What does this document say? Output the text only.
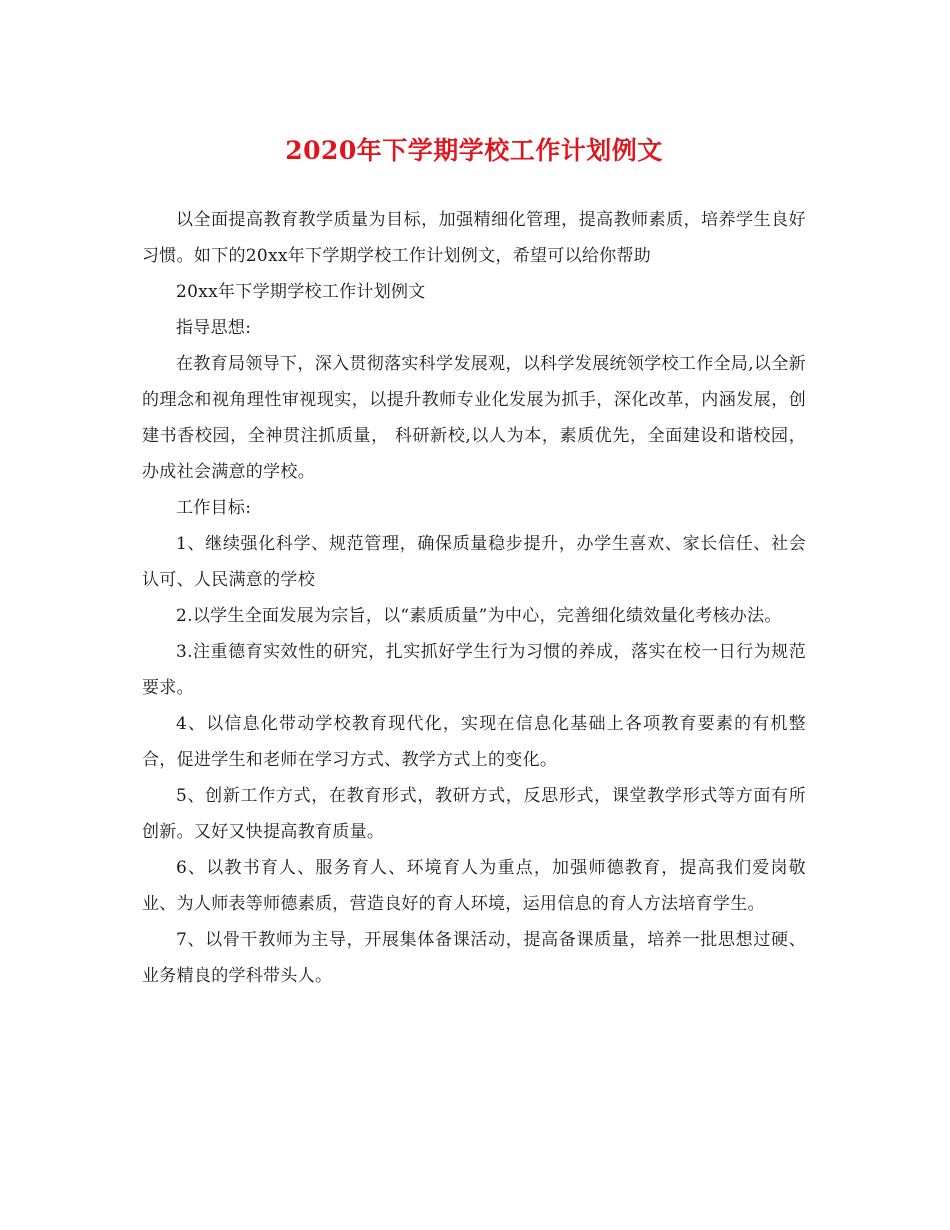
2020年下学期学校工作计划例文

以全面提高教育教学质量为目标，加强精细化管理，提高教师素质，培养学生良好习惯。如下的20xx年下学期学校工作计划例文，希望可以给你帮助

20xx年下学期学校工作计划例文

指导思想:

在教育局领导下，深入贯彻落实科学发展观，以科学发展统领学校工作全局,以全新的理念和视角理性审视现实，以提升教师专业化发展为抓手，深化改革，内涵发展，创建书香校园，全神贯注抓质量， 科研新校,以人为本，素质优先，全面建设和谐校园，办成社会满意的学校。

工作目标:

1、继续强化科学、规范管理，确保质量稳步提升，办学生喜欢、家长信任、社会认可、人民满意的学校

2.以学生全面发展为宗旨，以“素质质量”为中心，完善细化绩效量化考核办法。

3.注重德育实效性的研究，扎实抓好学生行为习惯的养成，落实在校一日行为规范要求。

4、以信息化带动学校教育现代化，实现在信息化基础上各项教育要素的有机整合，促进学生和老师在学习方式、教学方式上的变化。

5、创新工作方式，在教育形式，教研方式，反思形式，课堂教学形式等方面有所创新。又好又快提高教育质量。

6、以教书育人、服务育人、环境育人为重点，加强师德教育，提高我们爱岗敬业、为人师表等师德素质，营造良好的育人环境，运用信息的育人方法培育学生。

7、以骨干教师为主导，开展集体备课活动，提高备课质量，培养一批思想过硬、业务精良的学科带头人。
